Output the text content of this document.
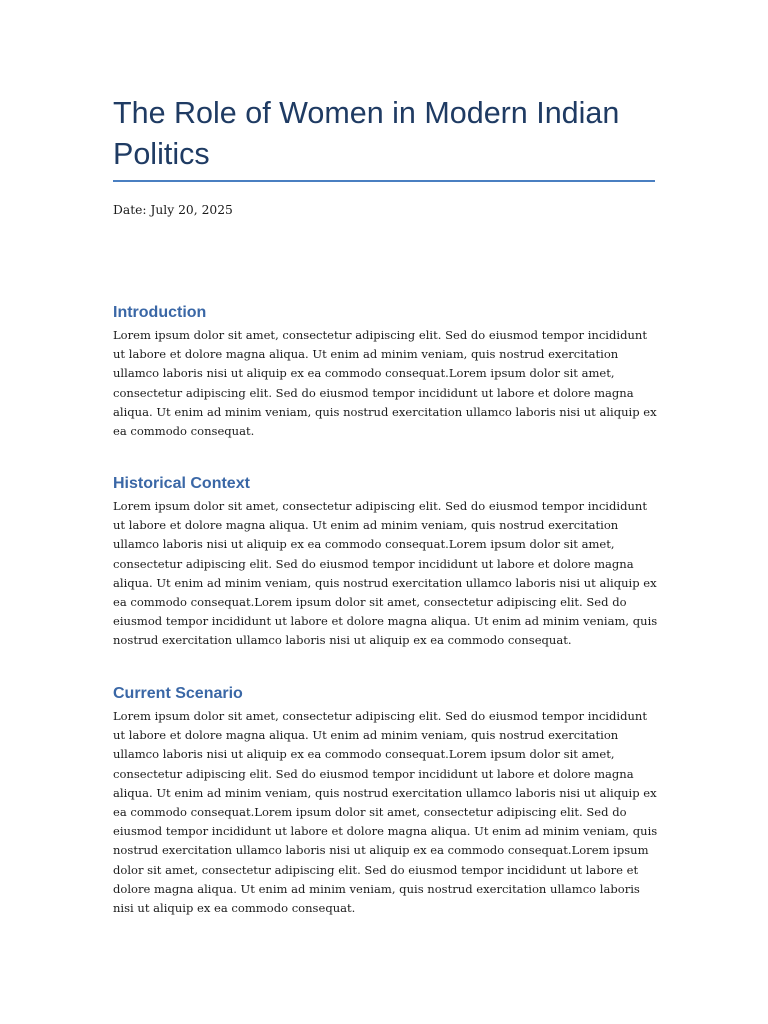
The Role of Women in Modern Indian Politics
Date: July 20, 2025
Introduction

Lorem ipsum dolor sit amet, consectetur adipiscing elit. Sed do eiusmod tempor incididunt ut labore et dolore magna aliqua. Ut enim ad minim veniam, quis nostrud exercitation ullamco laboris nisi ut aliquip ex ea commodo consequat.Lorem ipsum dolor sit amet, consectetur adipiscing elit. Sed do eiusmod tempor incididunt ut labore et dolore magna aliqua. Ut enim ad minim veniam, quis nostrud exercitation ullamco laboris nisi ut aliquip ex ea commodo consequat.

Historical Context

Lorem ipsum dolor sit amet, consectetur adipiscing elit. Sed do eiusmod tempor incididunt ut labore et dolore magna aliqua. Ut enim ad minim veniam, quis nostrud exercitation ullamco laboris nisi ut aliquip ex ea commodo consequat.Lorem ipsum dolor sit amet, consectetur adipiscing elit. Sed do eiusmod tempor incididunt ut labore et dolore magna aliqua. Ut enim ad minim veniam, quis nostrud exercitation ullamco laboris nisi ut aliquip ex ea commodo consequat.Lorem ipsum dolor sit amet, consectetur adipiscing elit. Sed do eiusmod tempor incididunt ut labore et dolore magna aliqua. Ut enim ad minim veniam, quis nostrud exercitation ullamco laboris nisi ut aliquip ex ea commodo consequat.

Current Scenario

Lorem ipsum dolor sit amet, consectetur adipiscing elit. Sed do eiusmod tempor incididunt ut labore et dolore magna aliqua. Ut enim ad minim veniam, quis nostrud exercitation ullamco laboris nisi ut aliquip ex ea commodo consequat.Lorem ipsum dolor sit amet, consectetur adipiscing elit. Sed do eiusmod tempor incididunt ut labore et dolore magna aliqua. Ut enim ad minim veniam, quis nostrud exercitation ullamco laboris nisi ut aliquip ex ea commodo consequat.Lorem ipsum dolor sit amet, consectetur adipiscing elit. Sed do eiusmod tempor incididunt ut labore et dolore magna aliqua. Ut enim ad minim veniam, quis nostrud exercitation ullamco laboris nisi ut aliquip ex ea commodo consequat.Lorem ipsum dolor sit amet, consectetur adipiscing elit. Sed do eiusmod tempor incididunt ut labore et dolore magna aliqua. Ut enim ad minim veniam, quis nostrud exercitation ullamco laboris nisi ut aliquip ex ea commodo consequat.
